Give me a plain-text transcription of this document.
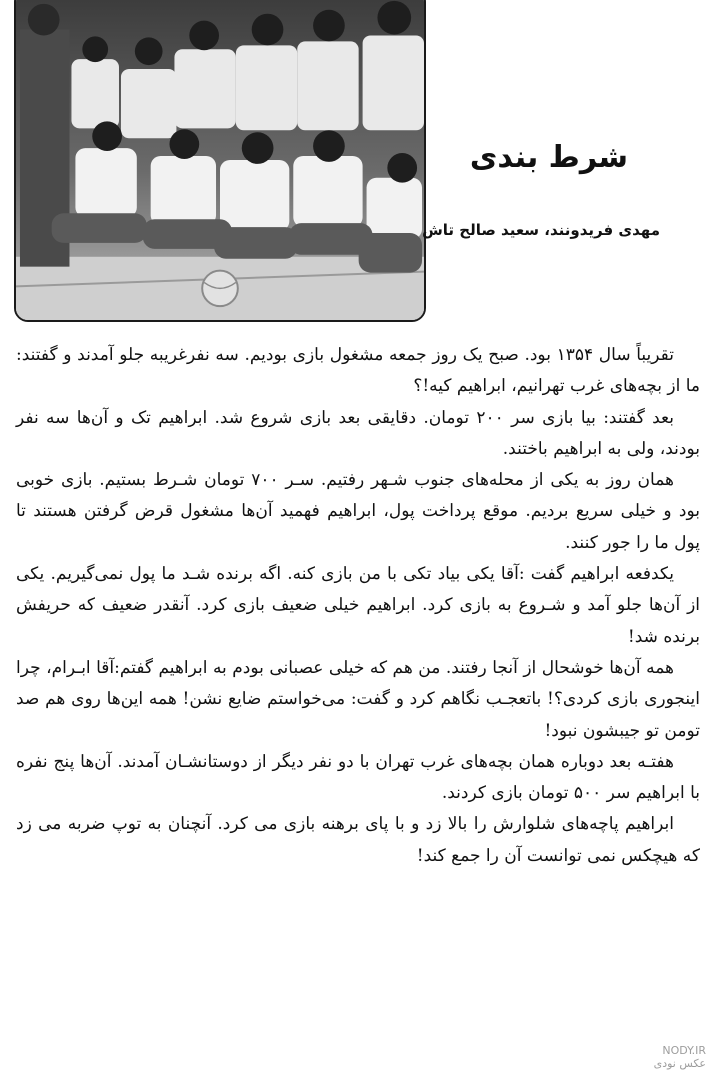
شرط بندی
مهدی فریدونند، سعید صالح تاش

تقریباً سال ۱۳۵۴ بود. صبح یک روز جمعه مشغول بازی بودیم. سه نفرغریبه جلو آمدند و گفتند: ما از بچه‌های غرب تهرانیم، ابراهیم کیه!؟

بعد گفتند: بیا بازی سر ۲۰۰ تومان. دقایقی بعد بازی شروع شد. ابراهیم تک و آن‌ها سه نفر بودند، ولی به ابراهیم باختند.

همان روز به یکی از محله‌های جنوب شـهر رفتیم. سـر ۷۰۰ تومان شـرط بستیم. بازی خوبی بود و خیلی سریع بردیم. موقع پرداخت پول، ابراهیم فهمید آن‌ها مشغول قرض گرفتن هستند تا پول ما را جور کنند.

یکدفعه ابراهیم گفت :آقا یکی بیاد تکی با من بازی کنه. اگه برنده شـد ما پول نمی‌گیریم. یکی از آن‌ها جلو آمد و شـروع به بازی کرد. ابراهیم خیلی ضعیف بازی کرد. آنقدر ضعیف که حریفش برنده شد!

همه آن‌ها خوشحال از آنجا رفتند. من هم که خیلی عصبانی بودم به ابراهیم گفتم:آقا ابـرام، چرا اینجوری بازی کردی؟! باتعجـب نگاهم کرد و گفت: می‌خواستم ضایع نشن! همه این‌ها روی هم صد تومن تو جیبشون نبود!

هفتـه بعد دوباره همان بچه‌های غرب تهران با دو نفر دیگر از دوستانشـان آمدند. آن‌ها پنج نفره با ابراهیم سر ۵۰۰ تومان بازی کردند.

ابراهیم پاچه‌های شلوارش را بالا زد و با پای برهنه بازی می کرد. آنچنان به توپ ضربه می زد که هیچکس نمی توانست آن را جمع کند!

NODY.IR
عکس نودی
